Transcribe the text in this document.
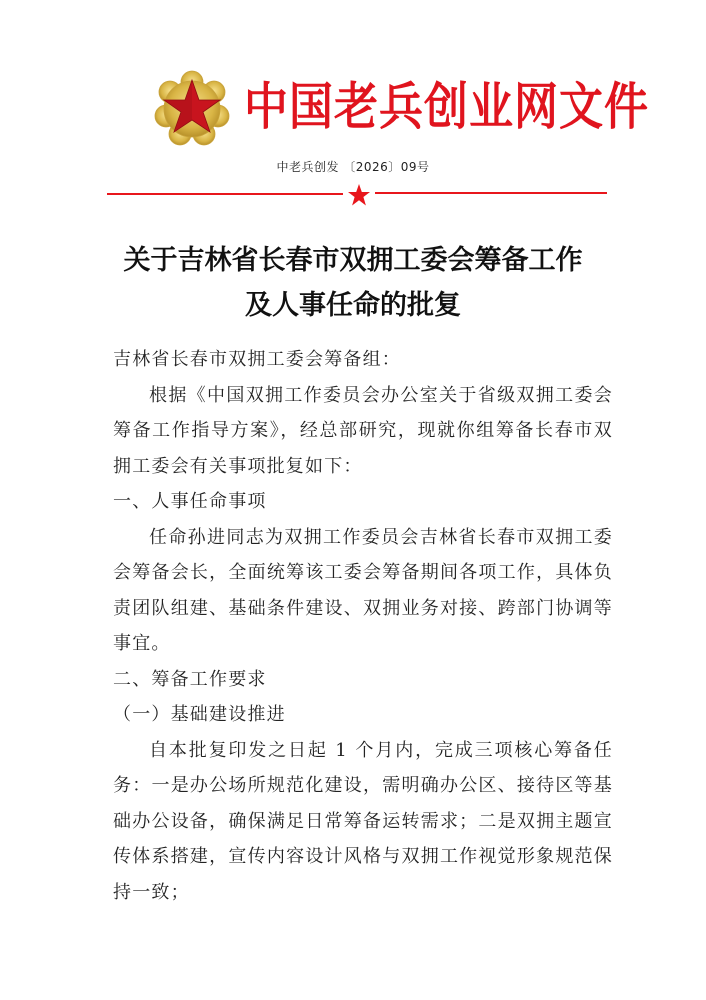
中国老兵创业网文件
中老兵创发 〔2026〕09号
关于吉林省长春市双拥工委会筹备工作
及人事任命的批复

吉林省长春市双拥工委会筹备组：

根据《中国双拥工作委员会办公室关于省级双拥工委会筹备工作指导方案》，经总部研究，现就你组筹备长春市双拥工委会有关事项批复如下：

一、人事任命事项

任命孙进同志为双拥工作委员会吉林省长春市双拥工委会筹备会长，全面统筹该工委会筹备期间各项工作，具体负责团队组建、基础条件建设、双拥业务对接、跨部门协调等事宜。

二、筹备工作要求

（一）基础建设推进

自本批复印发之日起 1 个月内，完成三项核心筹备任务：一是办公场所规范化建设，需明确办公区、接待区等基础办公设备，确保满足日常筹备运转需求；二是双拥主题宣传体系搭建，宣传内容设计风格与双拥工作视觉形象规范保持一致；
